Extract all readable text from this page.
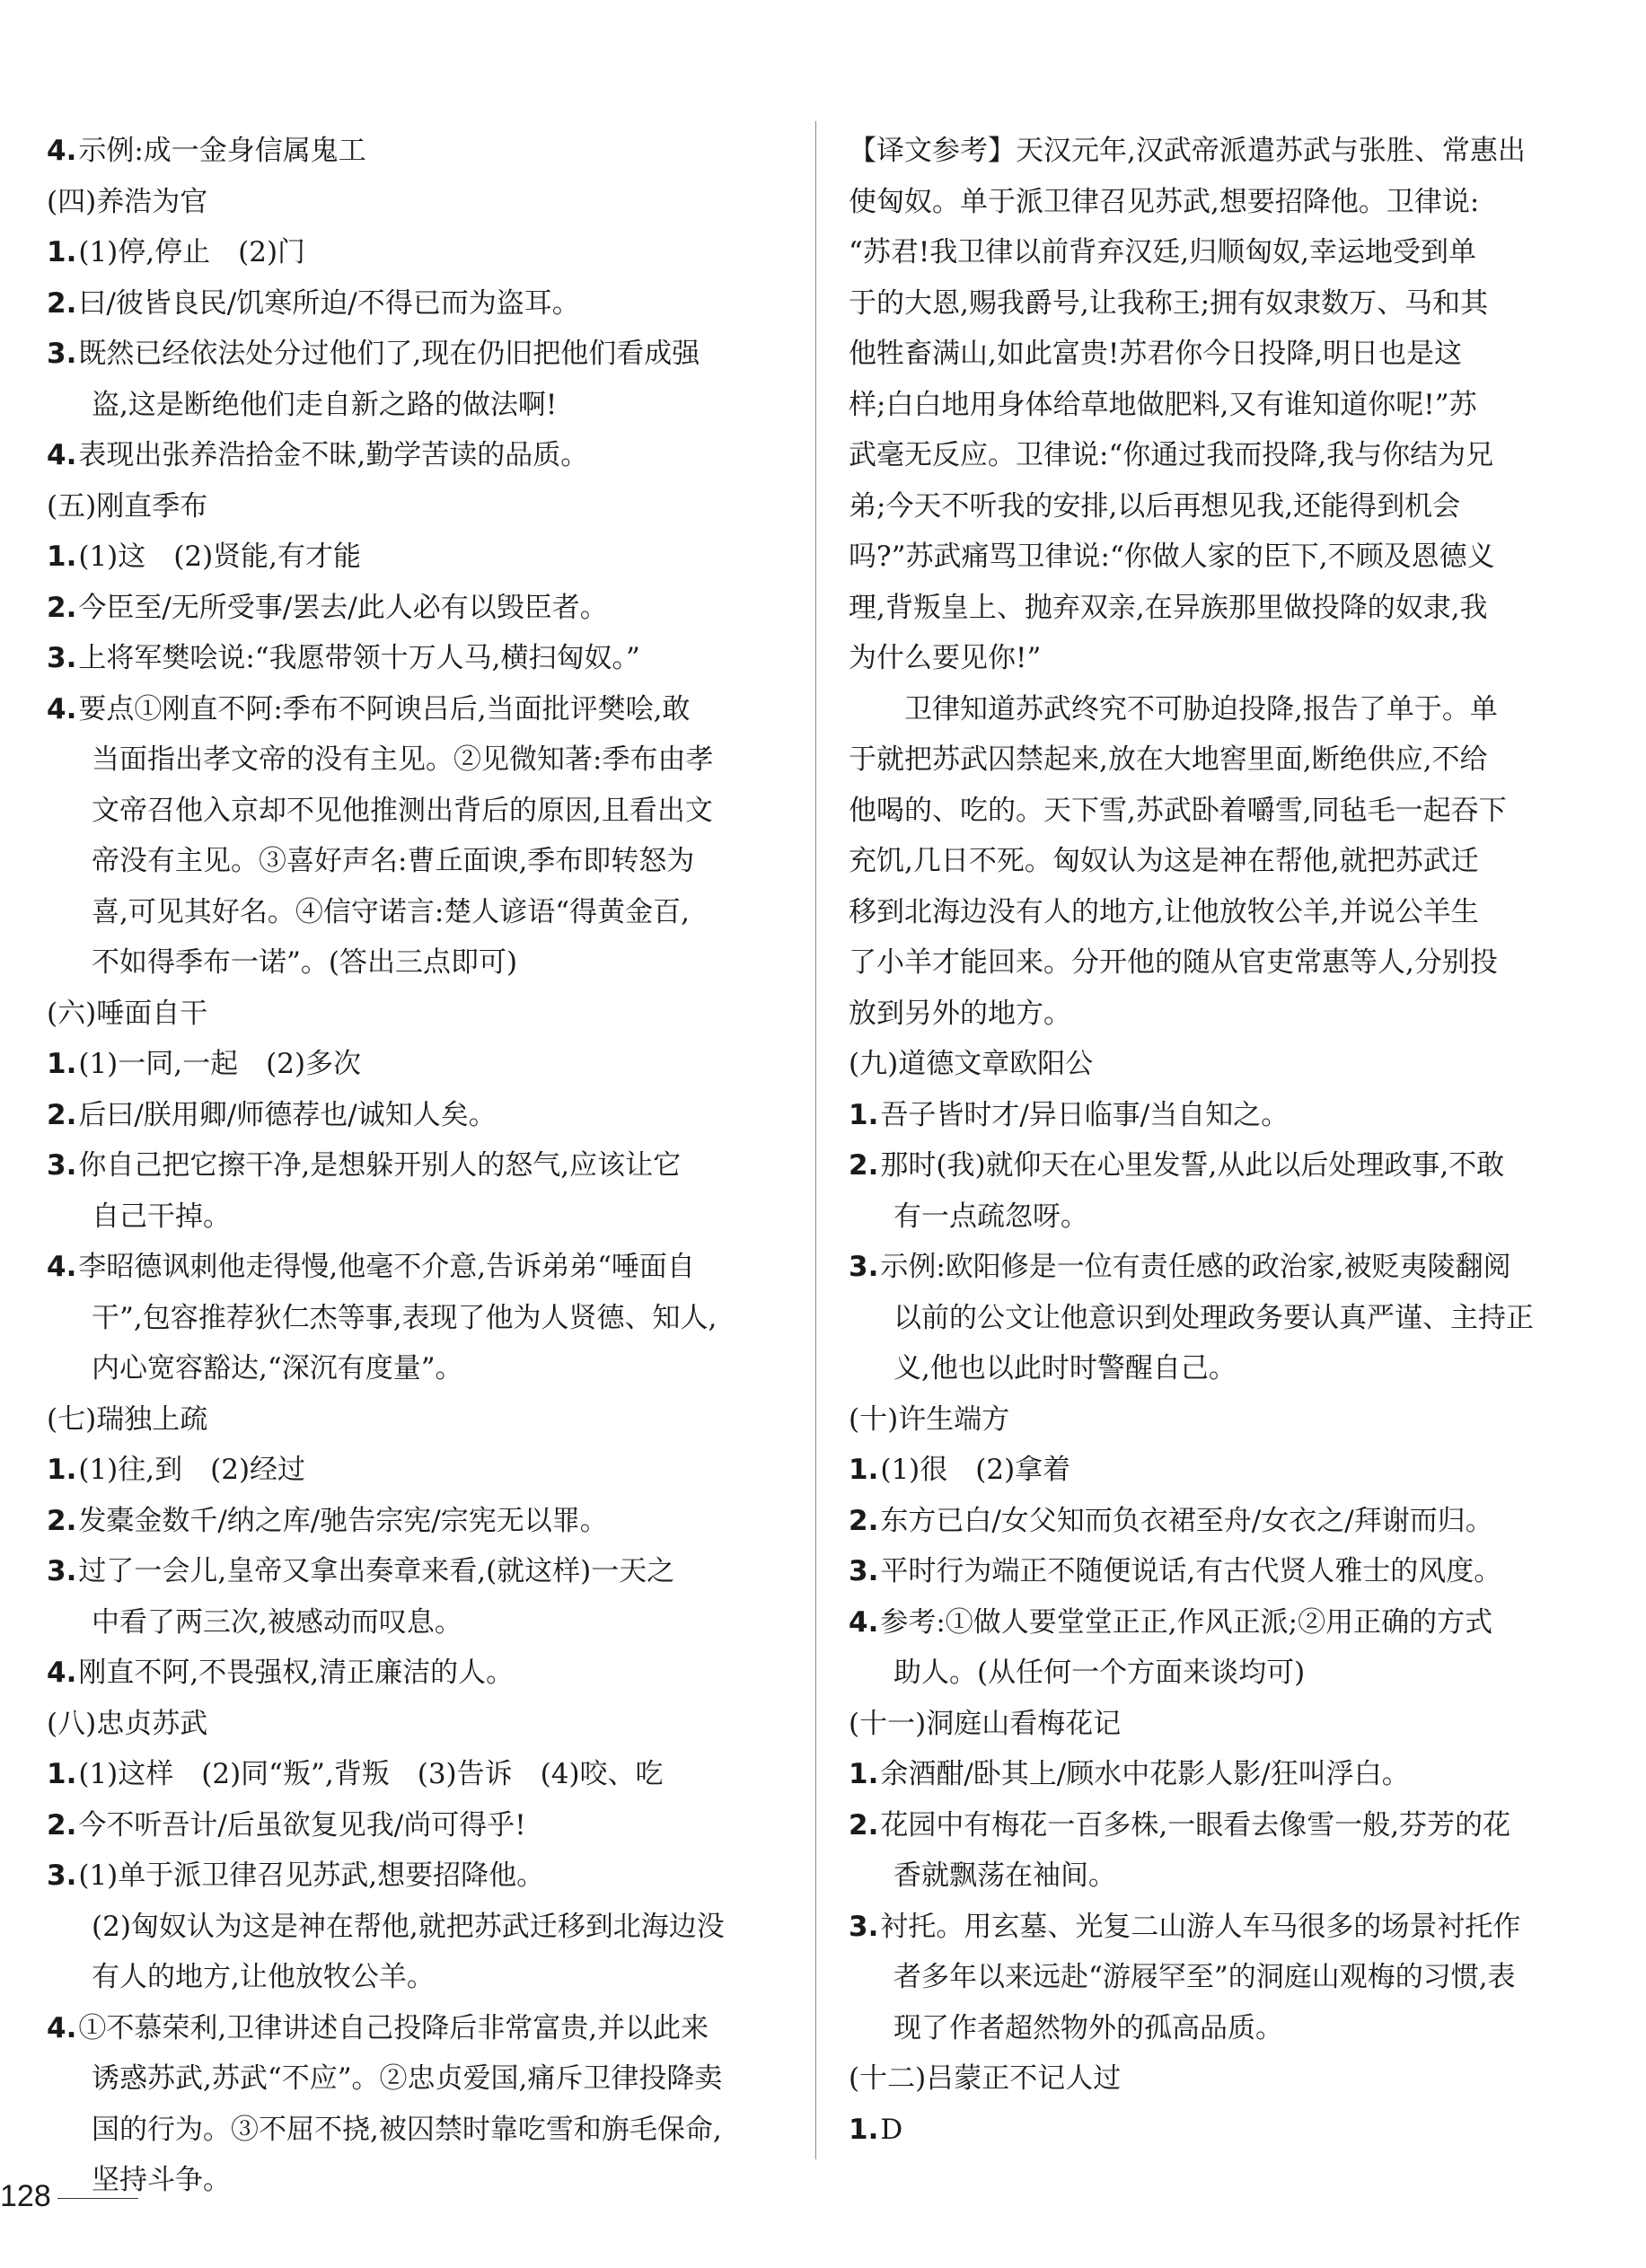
4.示例:成一金身信属鬼工
(四)养浩为官
1.(1)停,停止　(2)门
2.曰/彼皆良民/饥寒所迫/不得已而为盗耳。
3.既然已经依法处分过他们了,现在仍旧把他们看成强
盗,这是断绝他们走自新之路的做法啊!
4.表现出张养浩拾金不昧,勤学苦读的品质。
(五)刚直季布
1.(1)这　(2)贤能,有才能
2.今臣至/无所受事/罢去/此人必有以毁臣者。
3.上将军樊哙说:“我愿带领十万人马,横扫匈奴。”
4.要点①刚直不阿:季布不阿谀吕后,当面批评樊哙,敢
当面指出孝文帝的没有主见。②见微知著:季布由孝
文帝召他入京却不见他推测出背后的原因,且看出文
帝没有主见。③喜好声名:曹丘面谀,季布即转怒为
喜,可见其好名。④信守诺言:楚人谚语“得黄金百,
不如得季布一诺”。(答出三点即可)
(六)唾面自干
1.(1)一同,一起　(2)多次
2.后曰/朕用卿/师德荐也/诚知人矣。
3.你自己把它擦干净,是想躲开别人的怒气,应该让它
自己干掉。
4.李昭德讽刺他走得慢,他毫不介意,告诉弟弟“唾面自
干”,包容推荐狄仁杰等事,表现了他为人贤德、知人,
内心宽容豁达,“深沉有度量”。
(七)瑞独上疏
1.(1)往,到　(2)经过
2.发橐金数千/纳之库/驰告宗宪/宗宪无以罪。
3.过了一会儿,皇帝又拿出奏章来看,(就这样)一天之
中看了两三次,被感动而叹息。
4.刚直不阿,不畏强权,清正廉洁的人。
(八)忠贞苏武
1.(1)这样　(2)同“叛”,背叛　(3)告诉　(4)咬、吃
2.今不听吾计/后虽欲复见我/尚可得乎!
3.(1)单于派卫律召见苏武,想要招降他。
(2)匈奴认为这是神在帮他,就把苏武迁移到北海边没
有人的地方,让他放牧公羊。
4.①不慕荣利,卫律讲述自己投降后非常富贵,并以此来
诱惑苏武,苏武“不应”。②忠贞爱国,痛斥卫律投降卖
国的行为。③不屈不挠,被囚禁时靠吃雪和旃毛保命,
坚持斗争。
【译文参考】天汉元年,汉武帝派遣苏武与张胜、常惠出
使匈奴。单于派卫律召见苏武,想要招降他。卫律说:
“苏君!我卫律以前背弃汉廷,归顺匈奴,幸运地受到单
于的大恩,赐我爵号,让我称王;拥有奴隶数万、马和其
他牲畜满山,如此富贵!苏君你今日投降,明日也是这
样;白白地用身体给草地做肥料,又有谁知道你呢!”苏
武毫无反应。卫律说:“你通过我而投降,我与你结为兄
弟;今天不听我的安排,以后再想见我,还能得到机会
吗?”苏武痛骂卫律说:“你做人家的臣下,不顾及恩德义
理,背叛皇上、抛弃双亲,在异族那里做投降的奴隶,我
为什么要见你!”
卫律知道苏武终究不可胁迫投降,报告了单于。单
于就把苏武囚禁起来,放在大地窖里面,断绝供应,不给
他喝的、吃的。天下雪,苏武卧着嚼雪,同毡毛一起吞下
充饥,几日不死。匈奴认为这是神在帮他,就把苏武迁
移到北海边没有人的地方,让他放牧公羊,并说公羊生
了小羊才能回来。分开他的随从官吏常惠等人,分别投
放到另外的地方。
(九)道德文章欧阳公
1.吾子皆时才/异日临事/当自知之。
2.那时(我)就仰天在心里发誓,从此以后处理政事,不敢
有一点疏忽呀。
3.示例:欧阳修是一位有责任感的政治家,被贬夷陵翻阅
以前的公文让他意识到处理政务要认真严谨、主持正
义,他也以此时时警醒自己。
(十)许生端方
1.(1)很　(2)拿着
2.东方已白/女父知而负衣裙至舟/女衣之/拜谢而归。
3.平时行为端正不随便说话,有古代贤人雅士的风度。
4.参考:①做人要堂堂正正,作风正派;②用正确的方式
助人。(从任何一个方面来谈均可)
(十一)洞庭山看梅花记
1.余酒酣/卧其上/顾水中花影人影/狂叫浮白。
2.花园中有梅花一百多株,一眼看去像雪一般,芬芳的花
香就飘荡在袖间。
3.衬托。用玄墓、光复二山游人车马很多的场景衬托作
者多年以来远赴“游屐罕至”的洞庭山观梅的习惯,表
现了作者超然物外的孤高品质。
(十二)吕蒙正不记人过
1.D
128
